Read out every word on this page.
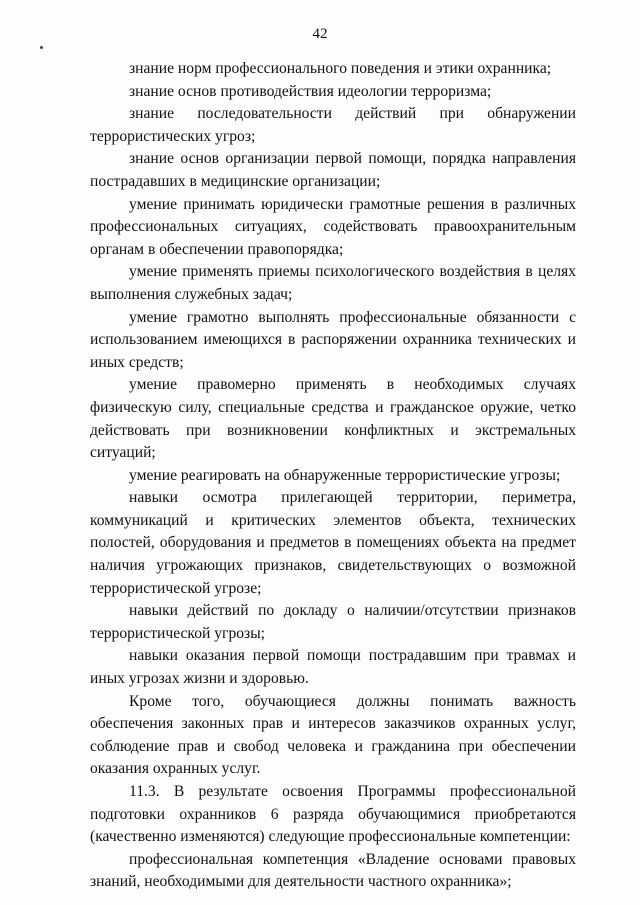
42

знание норм профессионального поведения и этики охранника;

знание основ противодействия идеологии терроризма;

знание последовательности действий при обнаружении террористических угроз;

знание основ организации первой помощи, порядка направления пострадавших в медицинские организации;

умение принимать юридически грамотные решения в различных профессиональных ситуациях, содействовать правоохранительным органам в обеспечении правопорядка;

умение применять приемы психологического воздействия в целях выполнения служебных задач;

умение грамотно выполнять профессиональные обязанности с использованием имеющихся в распоряжении охранника технических и иных средств;

умение правомерно применять в необходимых случаях физическую силу, специальные средства и гражданское оружие, четко действовать при возникновении конфликтных и экстремальных ситуаций;

умение реагировать на обнаруженные террористические угрозы;

навыки осмотра прилегающей территории, периметра, коммуникаций и критических элементов объекта, технических полостей, оборудования и предметов в помещениях объекта на предмет наличия угрожающих признаков, свидетельствующих о возможной террористической угрозе;

навыки действий по докладу о наличии/отсутствии признаков террористической угрозы;

навыки оказания первой помощи пострадавшим при травмах и иных угрозах жизни и здоровью.

Кроме того, обучающиеся должны понимать важность обеспечения законных прав и интересов заказчиков охранных услуг, соблюдение прав и свобод человека и гражданина при обеспечении оказания охранных услуг.

11.3. В результате освоения Программы профессиональной подготовки охранников 6 разряда обучающимися приобретаются (качественно изменяются) следующие профессиональные компетенции:

профессиональная компетенция «Владение основами правовых знаний, необходимыми для деятельности частного охранника»;
